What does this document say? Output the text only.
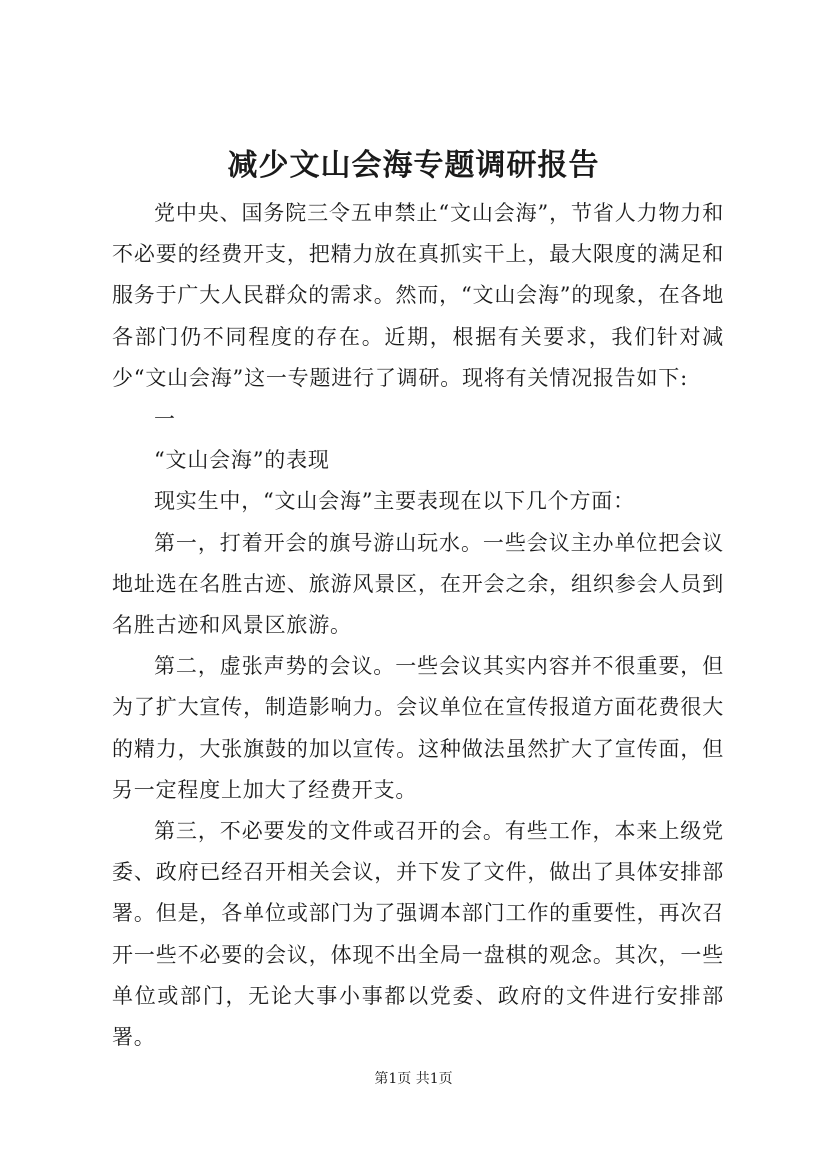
减少文山会海专题调研报告

党中央、国务院三令五申禁止“文山会海”，节省人力物力和不必要的经费开支，把精力放在真抓实干上，最大限度的满足和服务于广大人民群众的需求。然而，“文山会海”的现象，在各地各部门仍不同程度的存在。近期，根据有关要求，我们针对减少“文山会海”这一专题进行了调研。现将有关情况报告如下:

一

“文山会海”的表现

现实生中，“文山会海”主要表现在以下几个方面：

第一，打着开会的旗号游山玩水。一些会议主办单位把会议地址选在名胜古迹、旅游风景区，在开会之余，组织参会人员到名胜古迹和风景区旅游。

第二，虚张声势的会议。一些会议其实内容并不很重要，但为了扩大宣传，制造影响力。会议单位在宣传报道方面花费很大的精力，大张旗鼓的加以宣传。这种做法虽然扩大了宣传面，但另一定程度上加大了经费开支。

第三，不必要发的文件或召开的会。有些工作，本来上级党委、政府已经召开相关会议，并下发了文件，做出了具体安排部署。但是，各单位或部门为了强调本部门工作的重要性，再次召开一些不必要的会议，体现不出全局一盘棋的观念。其次，一些单位或部门，无论大事小事都以党委、政府的文件进行安排部署。

第1页 共1页
